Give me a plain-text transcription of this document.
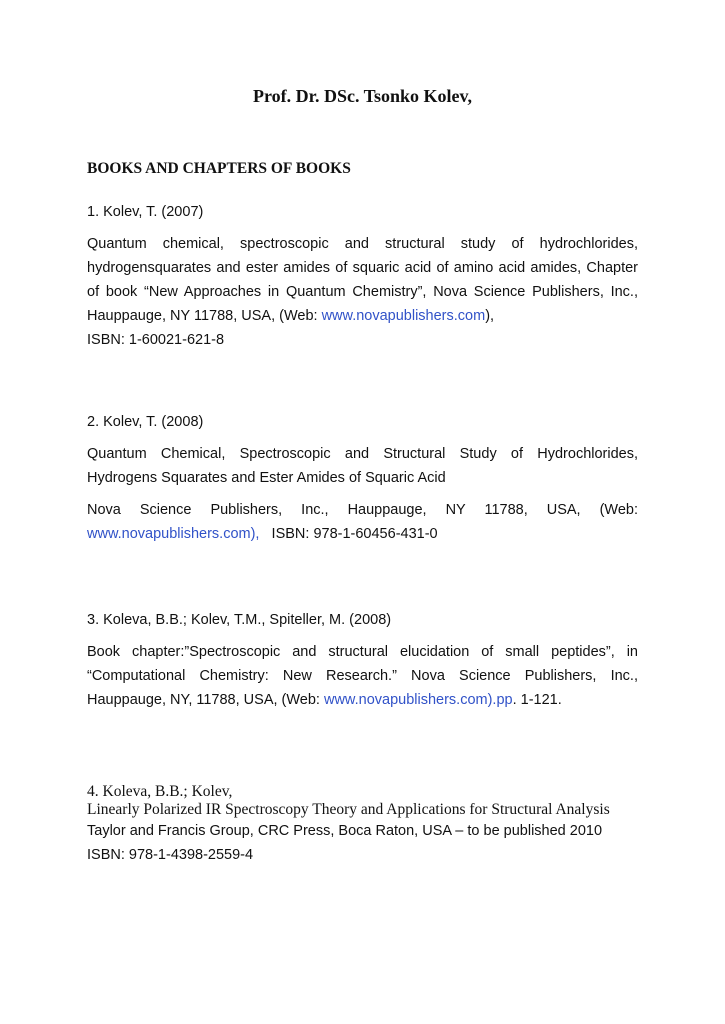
Prof. Dr. DSc. Tsonko Kolev,
BOOKS AND CHAPTERS OF BOOKS

1. Kolev, T. (2007)

Quantum chemical, spectroscopic and structural study of hydrochlorides, hydrogensquarates and ester amides of squaric acid of amino acid amides, Chapter of book “New Approaches in Quantum Chemistry”, Nova Science Publishers, Inc., Hauppauge, NY 11788, USA, (Web: www.novapublishers.com),

ISBN: 1-60021-621-8

2. Kolev, T. (2008)

Quantum Chemical, Spectroscopic and Structural Study of Hydrochlorides, Hydrogens Squarates and Ester Amides of Squaric Acid

Nova Science Publishers, Inc., Hauppauge, NY 11788, USA, (Web:

www.novapublishers.com),   ISBN: 978-1-60456-431-0

3. Koleva, B.B.; Kolev, T.M., Spiteller, M. (2008)

Book chapter:”Spectroscopic and structural elucidation of small peptides”, in “Computational Chemistry: New Research.” Nova Science Publishers, Inc., Hauppauge, NY, 11788, USA, (Web: www.novapublishers.com).pp. 1-121.

4. Koleva, B.B.; Kolev,

Linearly Polarized IR Spectroscopy Theory and Applications for Structural Analysis

Taylor and Francis Group, CRC Press, Boca Raton, USA – to be published 2010

ISBN: 978-1-4398-2559-4
